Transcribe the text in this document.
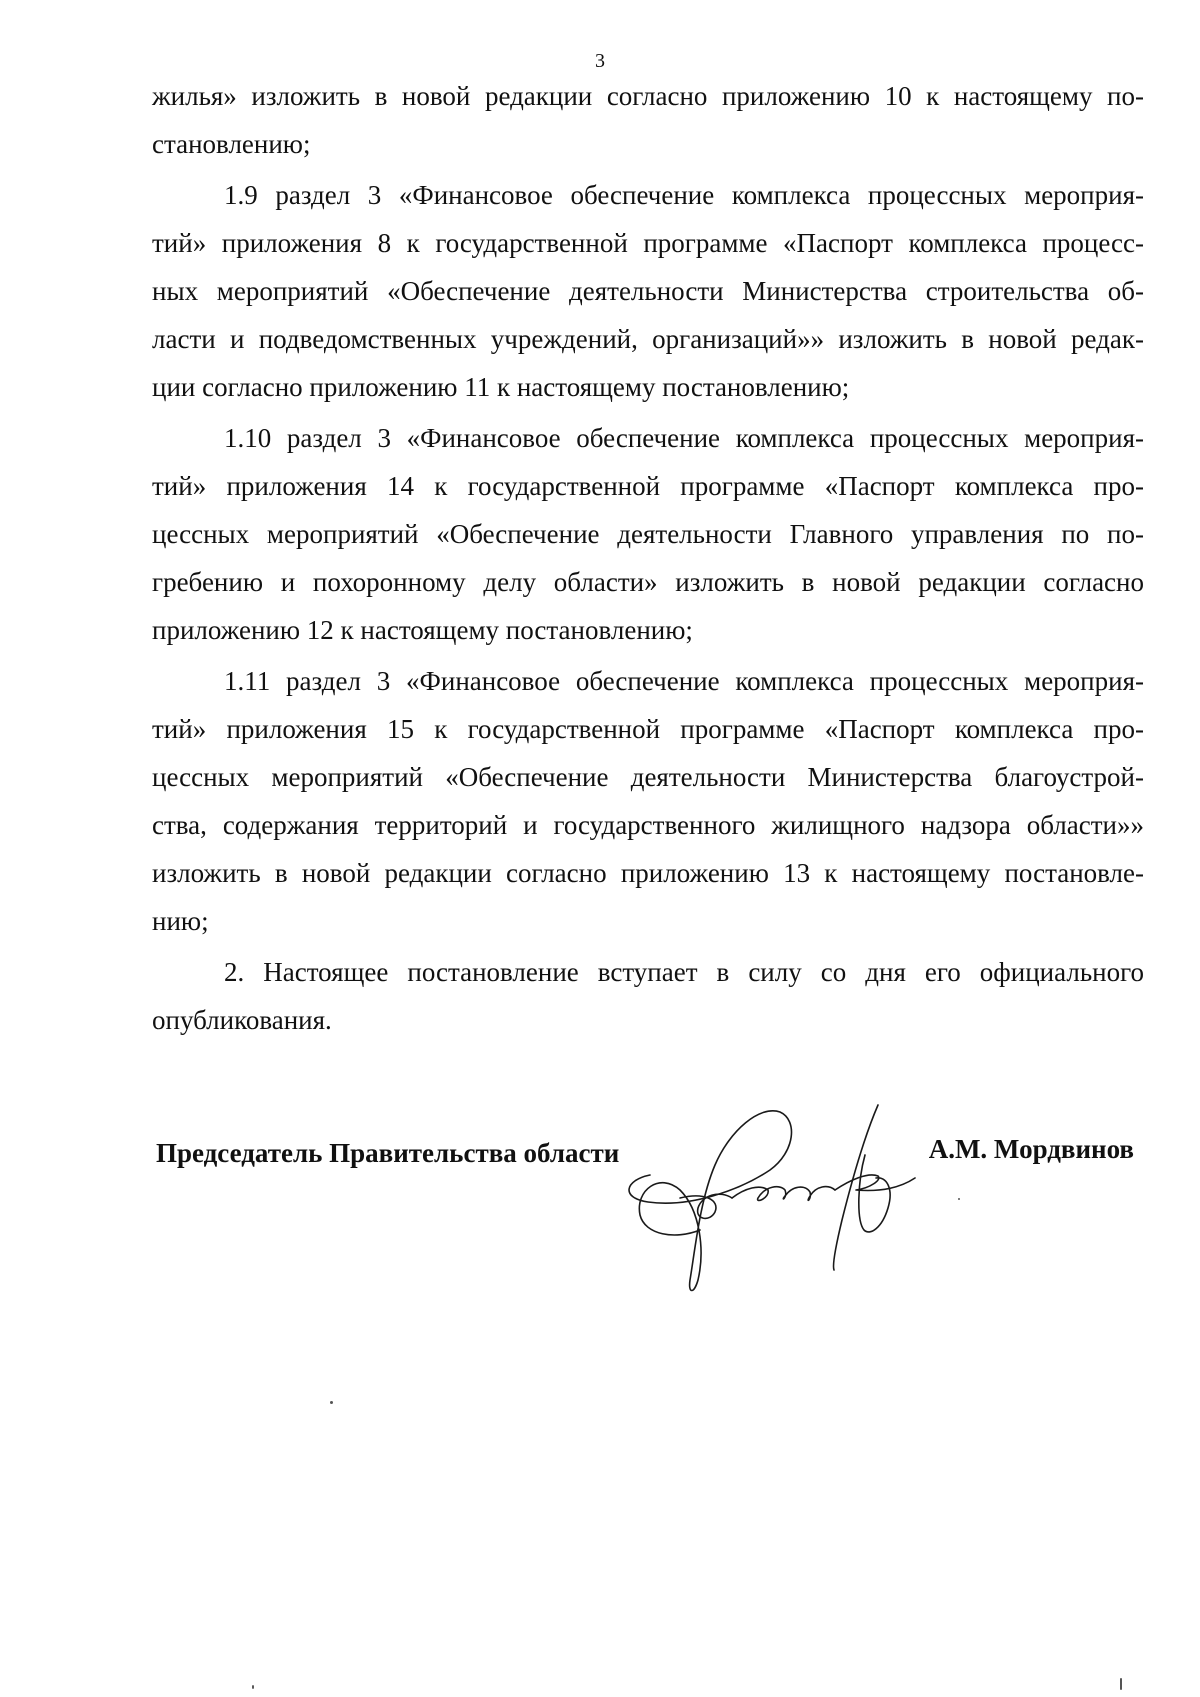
3
жилья» изложить в новой редакции согласно приложению 10 к настоящему по-
становлению;
1.9 раздел 3 «Финансовое обеспечение комплекса процессных мероприя-
тий» приложения 8 к государственной программе «Паспорт комплекса процесс-
ных мероприятий «Обеспечение деятельности Министерства строительства об-
ласти и подведомственных учреждений, организаций»» изложить в новой редак-
ции согласно приложению 11 к настоящему постановлению;
1.10 раздел 3 «Финансовое обеспечение комплекса процессных мероприя-
тий» приложения 14 к государственной программе «Паспорт комплекса про-
цессных мероприятий «Обеспечение деятельности Главного управления по по-
гребению и похоронному делу области» изложить в новой редакции согласно
приложению 12 к настоящему постановлению;
1.11 раздел 3 «Финансовое обеспечение комплекса процессных мероприя-
тий» приложения 15 к государственной программе «Паспорт комплекса про-
цессных мероприятий «Обеспечение деятельности Министерства благоустрой-
ства, содержания территорий и государственного жилищного надзора области»»
изложить в новой редакции согласно приложению 13 к настоящему постановле-
нию;
2. Настоящее постановление вступает в силу со дня его официального
опубликования.
Председатель Правительства области	А.М. Мордвинов
